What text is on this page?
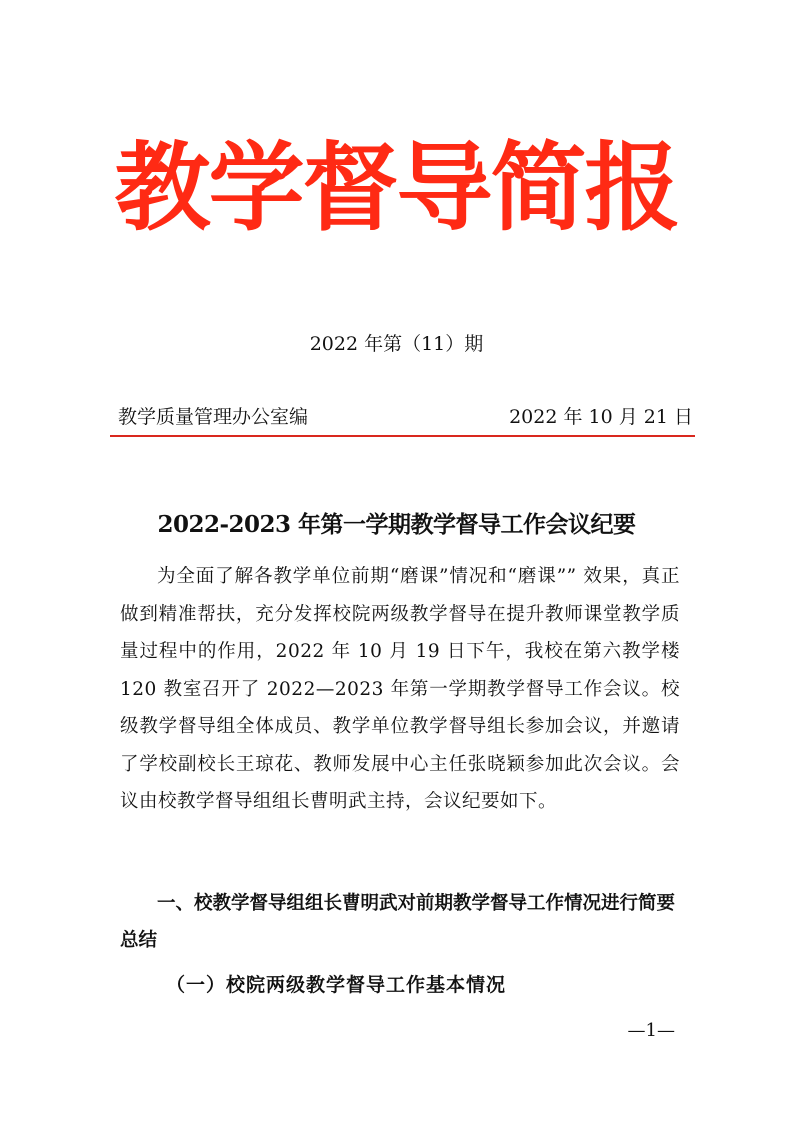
教学督导简报
2022 年第（11）期
教学质量管理办公室编	2022 年 10 月 21 日
2022-2023 年第一学期教学督导工作会议纪要

为全面了解各教学单位前期“磨课”情况和“磨课”” 效果，真正做到精准帮扶，充分发挥校院两级教学督导在提升教师课堂教学质量过程中的作用，2022 年 10 月 19 日下午，我校在第六教学楼 120 教室召开了 2022—2023 年第一学期教学督导工作会议。校级教学督导组全体成员、教学单位教学督导组长参加会议，并邀请了学校副校长王琼花、教师发展中心主任张晓颖参加此次会议。会议由校教学督导组组长曹明武主持，会议纪要如下。

一、校教学督导组组长曹明武对前期教学督导工作情况进行简要总结

（一）校院两级教学督导工作基本情况

—1—
